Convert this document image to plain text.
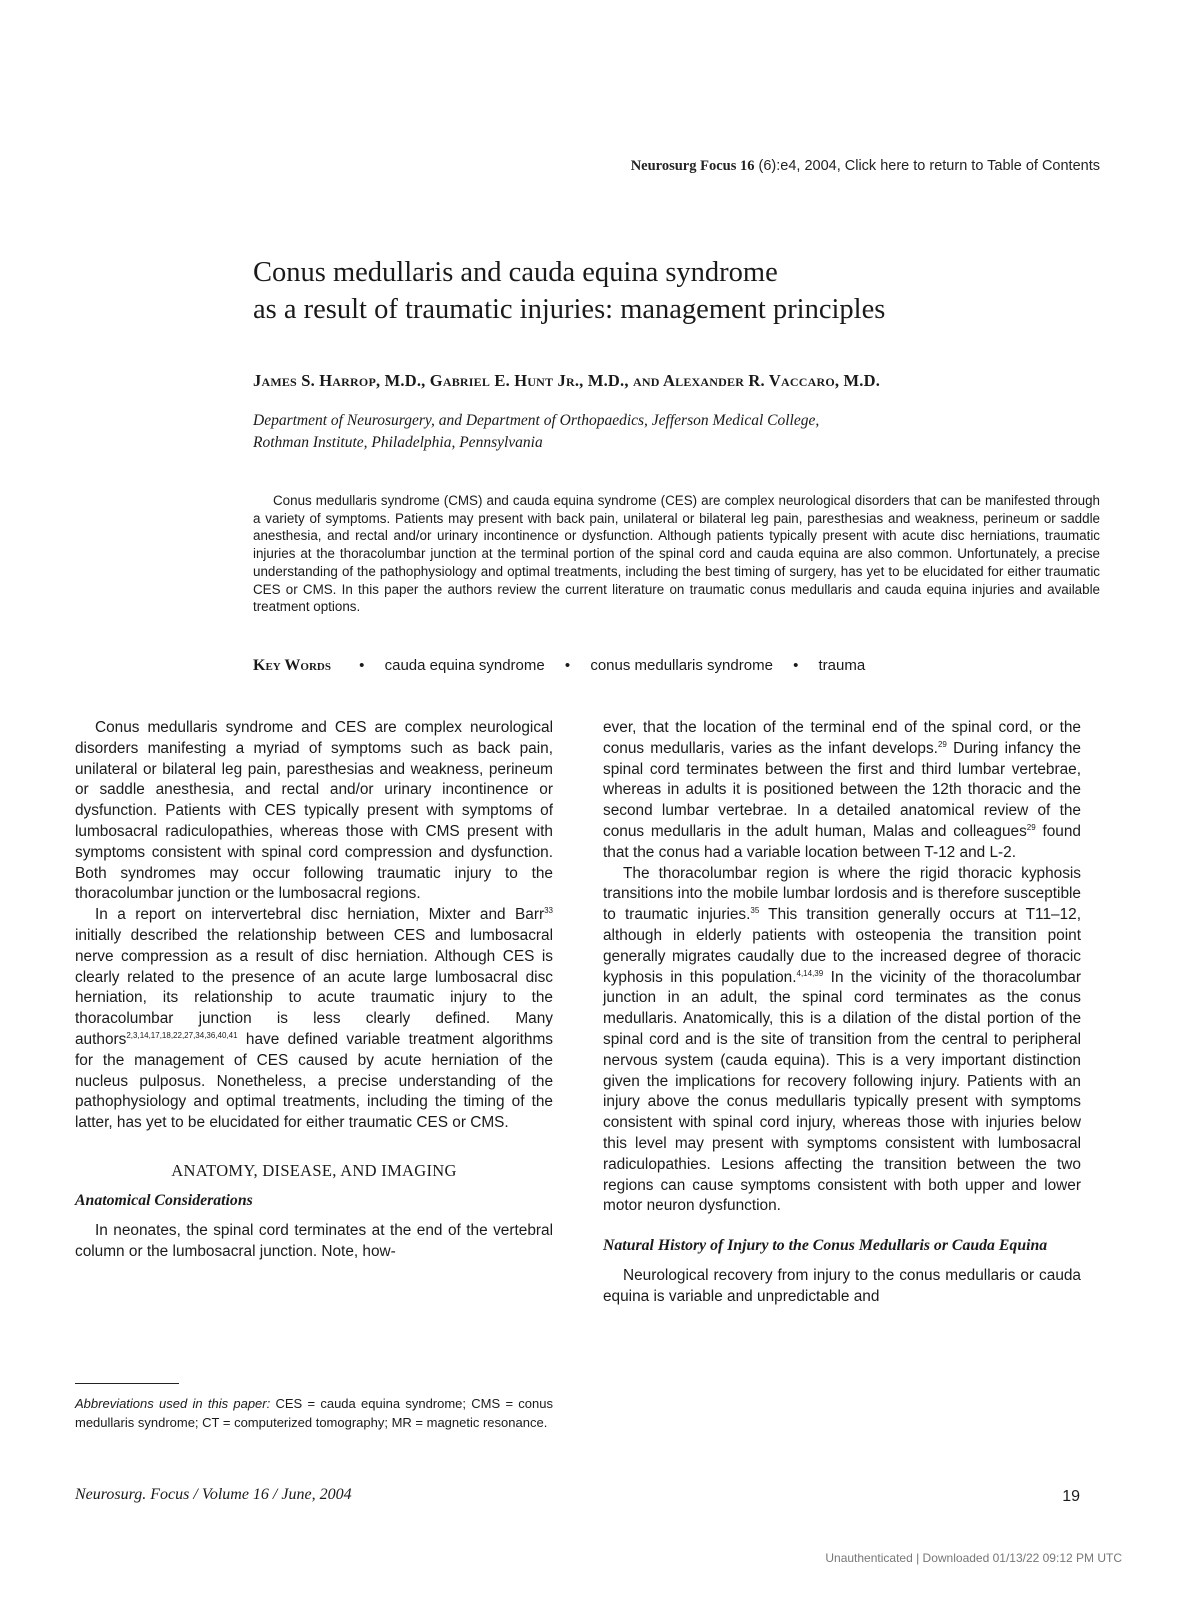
Neurosurg Focus 16 (6):e4, 2004, Click here to return to Table of Contents
Conus medullaris and cauda equina syndrome
as a result of traumatic injuries: management principles
James S. Harrop, M.D., Gabriel E. Hunt Jr., M.D., and Alexander R. Vaccaro, M.D.
Department of Neurosurgery, and Department of Orthopaedics, Jefferson Medical College,
Rothman Institute, Philadelphia, Pennsylvania

Conus medullaris syndrome (CMS) and cauda equina syndrome (CES) are complex neurological disorders that can be manifested through a variety of symptoms. Patients may present with back pain, unilateral or bilateral leg pain, paresthesias and weakness, perineum or saddle anesthesia, and rectal and/or urinary incontinence or dysfunction. Although patients typically present with acute disc herniations, traumatic injuries at the thoracolumbar junction at the terminal portion of the spinal cord and cauda equina are also common. Unfortunately, a precise understanding of the pathophysiology and optimal treatments, including the best timing of surgery, has yet to be elucidated for either traumatic CES or CMS. In this paper the authors review the current literature on traumatic conus medullaris and cauda equina injuries and available treatment options.

Key Words • cauda equina syndrome • conus medullaris syndrome • trauma

Conus medullaris syndrome and CES are complex neurological disorders manifesting a myriad of symptoms such as back pain, unilateral or bilateral leg pain, paresthesias and weakness, perineum or saddle anesthesia, and rectal and/or urinary incontinence or dysfunction. Patients with CES typically present with symptoms of lumbosacral radiculopathies, whereas those with CMS present with symptoms consistent with spinal cord compression and dysfunction. Both syndromes may occur following traumatic injury to the thoracolumbar junction or the lumbosacral regions.

In a report on intervertebral disc herniation, Mixter and Barr$^{33}$ initially described the relationship between CES and lumbosacral nerve compression as a result of disc herniation. Although CES is clearly related to the presence of an acute large lumbosacral disc herniation, its relationship to acute traumatic injury to the thoracolumbar junction is less clearly defined. Many authors$^{2,3,14,17,18,22,27,34,36,40,41}$ have defined variable treatment algorithms for the management of CES caused by acute herniation of the nucleus pulposus. Nonetheless, a precise understanding of the pathophysiology and optimal treatments, including the timing of the latter, has yet to be elucidated for either traumatic CES or CMS.

ANATOMY, DISEASE, AND IMAGING
Anatomical Considerations

In neonates, the spinal cord terminates at the end of the vertebral column or the lumbosacral junction. Note, how-

ever, that the location of the terminal end of the spinal cord, or the conus medullaris, varies as the infant develops.$^{29}$ During infancy the spinal cord terminates between the first and third lumbar vertebrae, whereas in adults it is positioned between the 12th thoracic and the second lumbar vertebrae. In a detailed anatomical review of the conus medullaris in the adult human, Malas and colleagues$^{29}$ found that the conus had a variable location between T-12 and L-2.

The thoracolumbar region is where the rigid thoracic kyphosis transitions into the mobile lumbar lordosis and is therefore susceptible to traumatic injuries.$^{35}$ This transition generally occurs at T11–12, although in elderly patients with osteopenia the transition point generally migrates caudally due to the increased degree of thoracic kyphosis in this population.$^{4,14,39}$ In the vicinity of the thoracolumbar junction in an adult, the spinal cord terminates as the conus medullaris. Anatomically, this is a dilation of the distal portion of the spinal cord and is the site of transition from the central to peripheral nervous system (cauda equina). This is a very important distinction given the implications for recovery following injury. Patients with an injury above the conus medullaris typically present with symptoms consistent with spinal cord injury, whereas those with injuries below this level may present with symptoms consistent with lumbosacral radiculopathies. Lesions affecting the transition between the two regions can cause symptoms consistent with both upper and lower motor neuron dysfunction.

Natural History of Injury to the Conus Medullaris or Cauda Equina

Neurological recovery from injury to the conus medullaris or cauda equina is variable and unpredictable and

Abbreviations used in this paper: CES = cauda equina syndrome; CMS = conus medullaris syndrome; CT = computerized tomography; MR = magnetic resonance.
Neurosurg. Focus / Volume 16 / June, 2004	19
Unauthenticated | Downloaded 01/13/22 09:12 PM UTC
